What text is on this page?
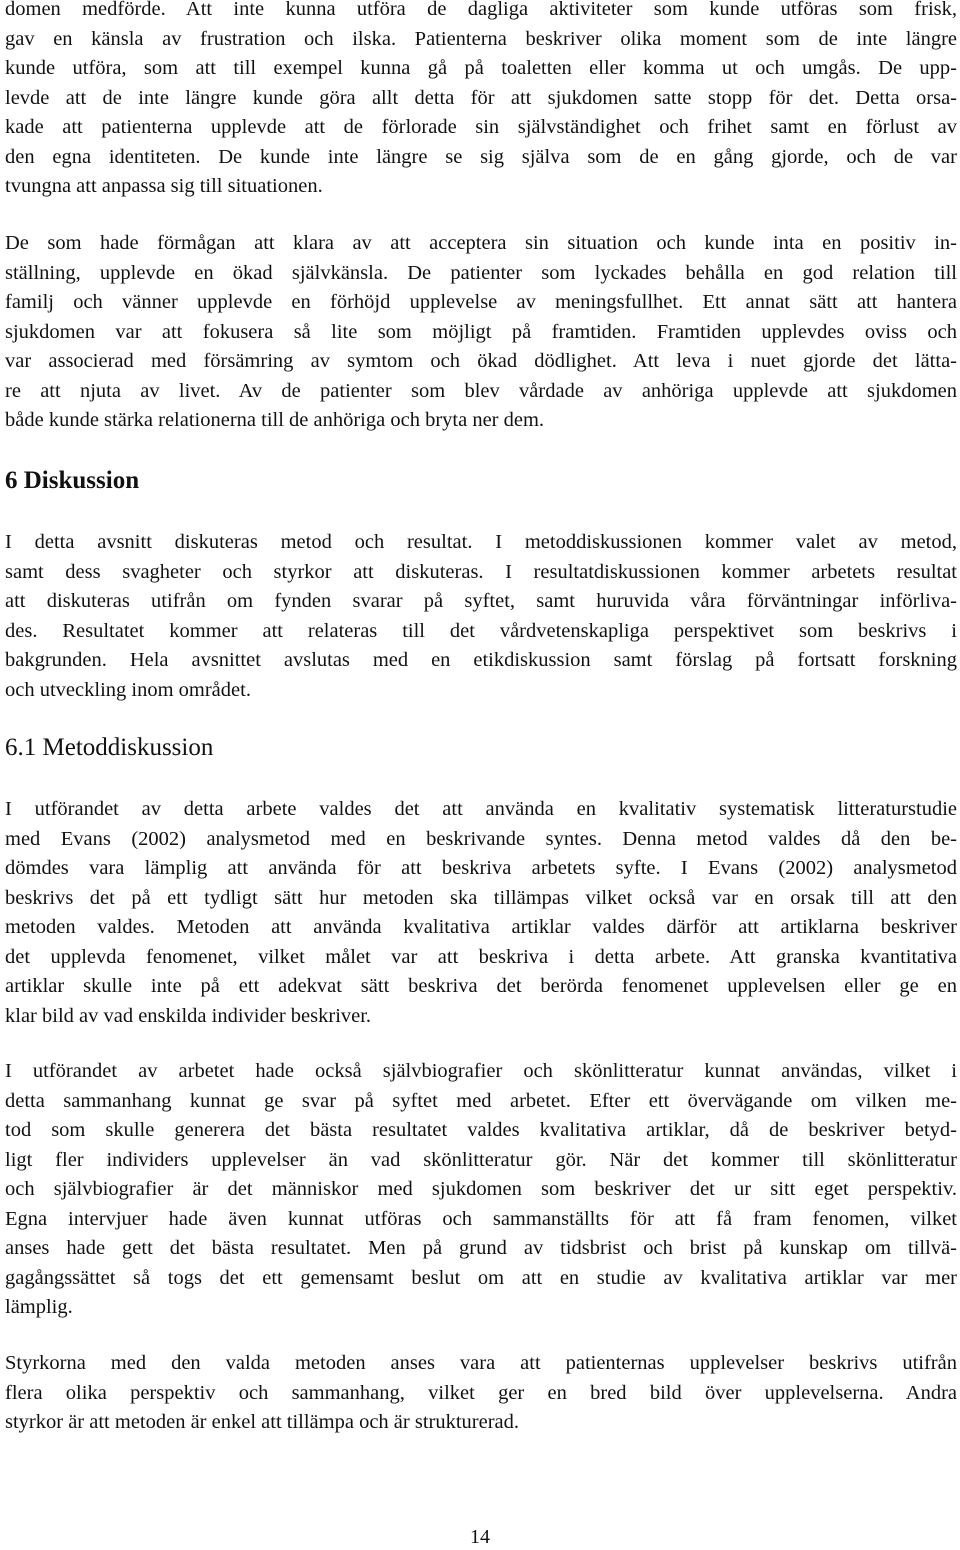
domen medförde. Att inte kunna utföra de dagliga aktiviteter som kunde utföras som frisk,
gav en känsla av frustration och ilska. Patienterna beskriver olika moment som de inte längre
kunde utföra, som att till exempel kunna gå på toaletten eller komma ut och umgås. De upp-
levde att de inte längre kunde göra allt detta för att sjukdomen satte stopp för det. Detta orsa-
kade att patienterna upplevde att de förlorade sin självständighet och frihet samt en förlust av
den egna identiteten. De kunde inte längre se sig själva som de en gång gjorde, och de var
tvungna att anpassa sig till situationen.
De som hade förmågan att klara av att acceptera sin situation och kunde inta en positiv in-
ställning, upplevde en ökad självkänsla. De patienter som lyckades behålla en god relation till
familj och vänner upplevde en förhöjd upplevelse av meningsfullhet. Ett annat sätt att hantera
sjukdomen var att fokusera så lite som möjligt på framtiden. Framtiden upplevdes oviss och
var associerad med försämring av symtom och ökad dödlighet. Att leva i nuet gjorde det lätta-
re att njuta av livet. Av de patienter som blev vårdade av anhöriga upplevde att sjukdomen
både kunde stärka relationerna till de anhöriga och bryta ner dem.
6 Diskussion
I detta avsnitt diskuteras metod och resultat. I metoddiskussionen kommer valet av metod,
samt dess svagheter och styrkor att diskuteras. I resultatdiskussionen kommer arbetets resultat
att diskuteras utifrån om fynden svarar på syftet, samt huruvida våra förväntningar införliva-
des. Resultatet kommer att relateras till det vårdvetenskapliga perspektivet som beskrivs i
bakgrunden. Hela avsnittet avslutas med en etikdiskussion samt förslag på fortsatt forskning
och utveckling inom området.
6.1 Metoddiskussion
I utförandet av detta arbete valdes det att använda en kvalitativ systematisk litteraturstudie
med Evans (2002) analysmetod med en beskrivande syntes. Denna metod valdes då den be-
dömdes vara lämplig att använda för att beskriva arbetets syfte. I Evans (2002) analysmetod
beskrivs det på ett tydligt sätt hur metoden ska tillämpas vilket också var en orsak till att den
metoden valdes. Metoden att använda kvalitativa artiklar valdes därför att artiklarna beskriver
det upplevda fenomenet, vilket målet var att beskriva i detta arbete. Att granska kvantitativa
artiklar skulle inte på ett adekvat sätt beskriva det berörda fenomenet upplevelsen eller ge en
klar bild av vad enskilda individer beskriver.
I utförandet av arbetet hade också självbiografier och skönlitteratur kunnat användas, vilket i
detta sammanhang kunnat ge svar på syftet med arbetet. Efter ett övervägande om vilken me-
tod som skulle generera det bästa resultatet valdes kvalitativa artiklar, då de beskriver betyd-
ligt fler individers upplevelser än vad skönlitteratur gör. När det kommer till skönlitteratur
och självbiografier är det människor med sjukdomen som beskriver det ur sitt eget perspektiv.
Egna intervjuer hade även kunnat utföras och sammanställts för att få fram fenomen, vilket
anses hade gett det bästa resultatet. Men på grund av tidsbrist och brist på kunskap om tillvä-
gagångssättet så togs det ett gemensamt beslut om att en studie av kvalitativa artiklar var mer
lämplig.
Styrkorna med den valda metoden anses vara att patienternas upplevelser beskrivs utifrån
flera olika perspektiv och sammanhang, vilket ger en bred bild över upplevelserna. Andra
styrkor är att metoden är enkel att tillämpa och är strukturerad.
14
